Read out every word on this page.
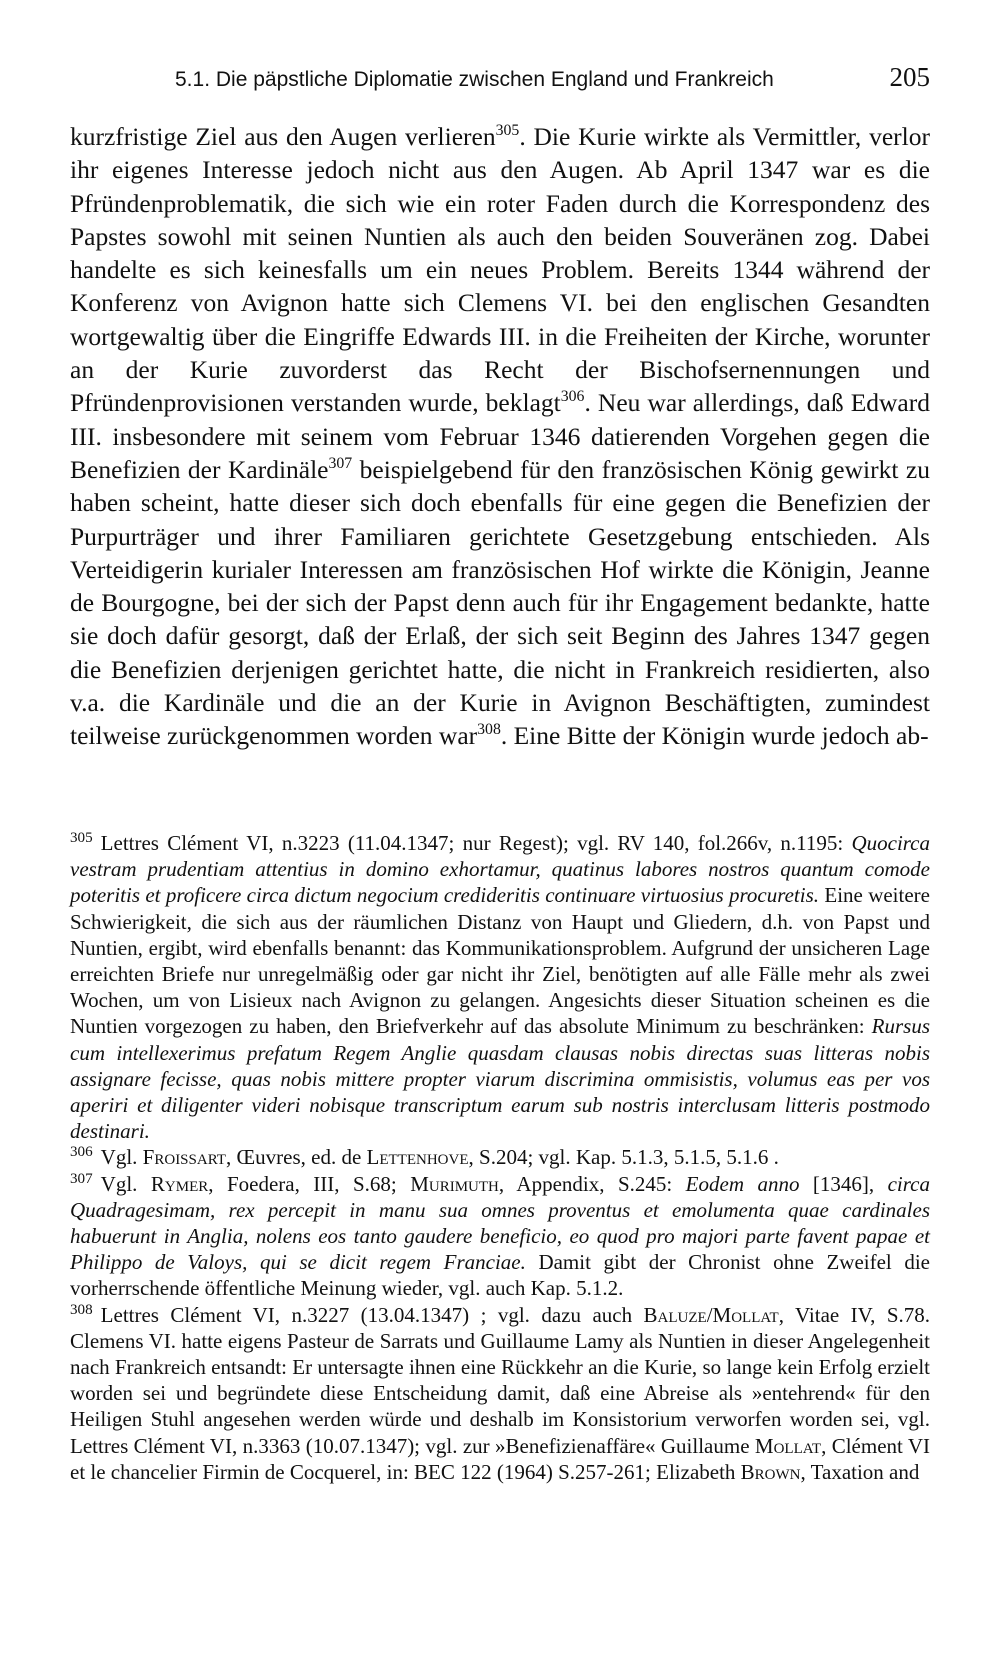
5.1. Die päpstliche Diplomatie zwischen England und Frankreich	205

kurzfristige Ziel aus den Augen verlieren$^{305}$. Die Kurie wirkte als Vermittler, verlor ihr eigenes Interesse jedoch nicht aus den Augen. Ab April 1347 war es die Pfründenproblematik, die sich wie ein roter Faden durch die Korrespondenz des Papstes sowohl mit seinen Nuntien als auch den beiden Souveränen zog. Dabei handelte es sich keinesfalls um ein neues Problem. Bereits 1344 während der Konferenz von Avignon hatte sich Clemens VI. bei den englischen Gesandten wortgewaltig über die Eingriffe Edwards III. in die Freiheiten der Kirche, worunter an der Kurie zuvorderst das Recht der Bischofsernennungen und Pfründenprovisionen verstanden wurde, beklagt$^{306}$. Neu war allerdings, daß Edward III. insbesondere mit seinem vom Februar 1346 datierenden Vorgehen gegen die Benefizien der Kardinäle$^{307}$ beispielgebend für den französischen König gewirkt zu haben scheint, hatte dieser sich doch ebenfalls für eine gegen die Benefizien der Purpurträger und ihrer Familiaren gerichtete Gesetzgebung entschieden. Als Verteidigerin kurialer Interessen am französischen Hof wirkte die Königin, Jeanne de Bourgogne, bei der sich der Papst denn auch für ihr Engagement bedankte, hatte sie doch dafür gesorgt, daß der Erlaß, der sich seit Beginn des Jahres 1347 gegen die Benefizien derjenigen gerichtet hatte, die nicht in Frankreich residierten, also v.a. die Kardinäle und die an der Kurie in Avignon Beschäftigten, zumindest teilweise zurückgenommen worden war$^{308}$. Eine Bitte der Königin wurde jedoch ab-

$^{305}$ Lettres Clément VI, n.3223 (11.04.1347; nur Regest); vgl. RV 140, fol.266v, n.1195: Quocirca vestram prudentiam attentius in domino exhortamur, quatinus labores nostros quantum comode poteritis et proficere circa dictum negocium credideritis continuare virtuosius procuretis. Eine weitere Schwierigkeit, die sich aus der räumlichen Distanz von Haupt und Gliedern, d.h. von Papst und Nuntien, ergibt, wird ebenfalls benannt: das Kommunikationsproblem. Aufgrund der unsicheren Lage erreichten Briefe nur unregelmäßig oder gar nicht ihr Ziel, benötigten auf alle Fälle mehr als zwei Wochen, um von Lisieux nach Avignon zu gelangen. Angesichts dieser Situation scheinen es die Nuntien vorgezogen zu haben, den Briefverkehr auf das absolute Minimum zu beschränken: Rursus cum intellexerimus prefatum Regem Anglie quasdam clausas nobis directas suas litteras nobis assignare fecisse, quas nobis mittere propter viarum discrimina ommisistis, volumus eas per vos aperiri et diligenter videri nobisque transcriptum earum sub nostris interclusam litteris postmodo destinari.

$^{306}$ Vgl. Froissart, Œuvres, ed. de Lettenhove, S.204; vgl. Kap. 5.1.3, 5.1.5, 5.1.6 .

$^{307}$ Vgl. Rymer, Foedera, III, S.68; Murimuth, Appendix, S.245: Eodem anno [1346], circa Quadragesimam, rex percepit in manu sua omnes proventus et emolumenta quae cardinales habuerunt in Anglia, nolens eos tanto gaudere beneficio, eo quod pro majori parte favent papae et Philippo de Valoys, qui se dicit regem Franciae. Damit gibt der Chronist ohne Zweifel die vorherrschende öffentliche Meinung wieder, vgl. auch Kap. 5.1.2.

$^{308}$ Lettres Clément VI, n.3227 (13.04.1347) ; vgl. dazu auch Baluze/Mollat, Vitae IV, S.78. Clemens VI. hatte eigens Pasteur de Sarrats und Guillaume Lamy als Nuntien in dieser Angelegenheit nach Frankreich entsandt: Er untersagte ihnen eine Rückkehr an die Kurie, so lange kein Erfolg erzielt worden sei und begründete diese Entscheidung damit, daß eine Abreise als »entehrend« für den Heiligen Stuhl angesehen werden würde und deshalb im Konsistorium verworfen worden sei, vgl. Lettres Clément VI, n.3363 (10.07.1347); vgl. zur »Benefizienaffäre« Guillaume Mollat, Clément VI et le chancelier Firmin de Cocquerel, in: BEC 122 (1964) S.257-261; Elizabeth Brown, Taxation and
